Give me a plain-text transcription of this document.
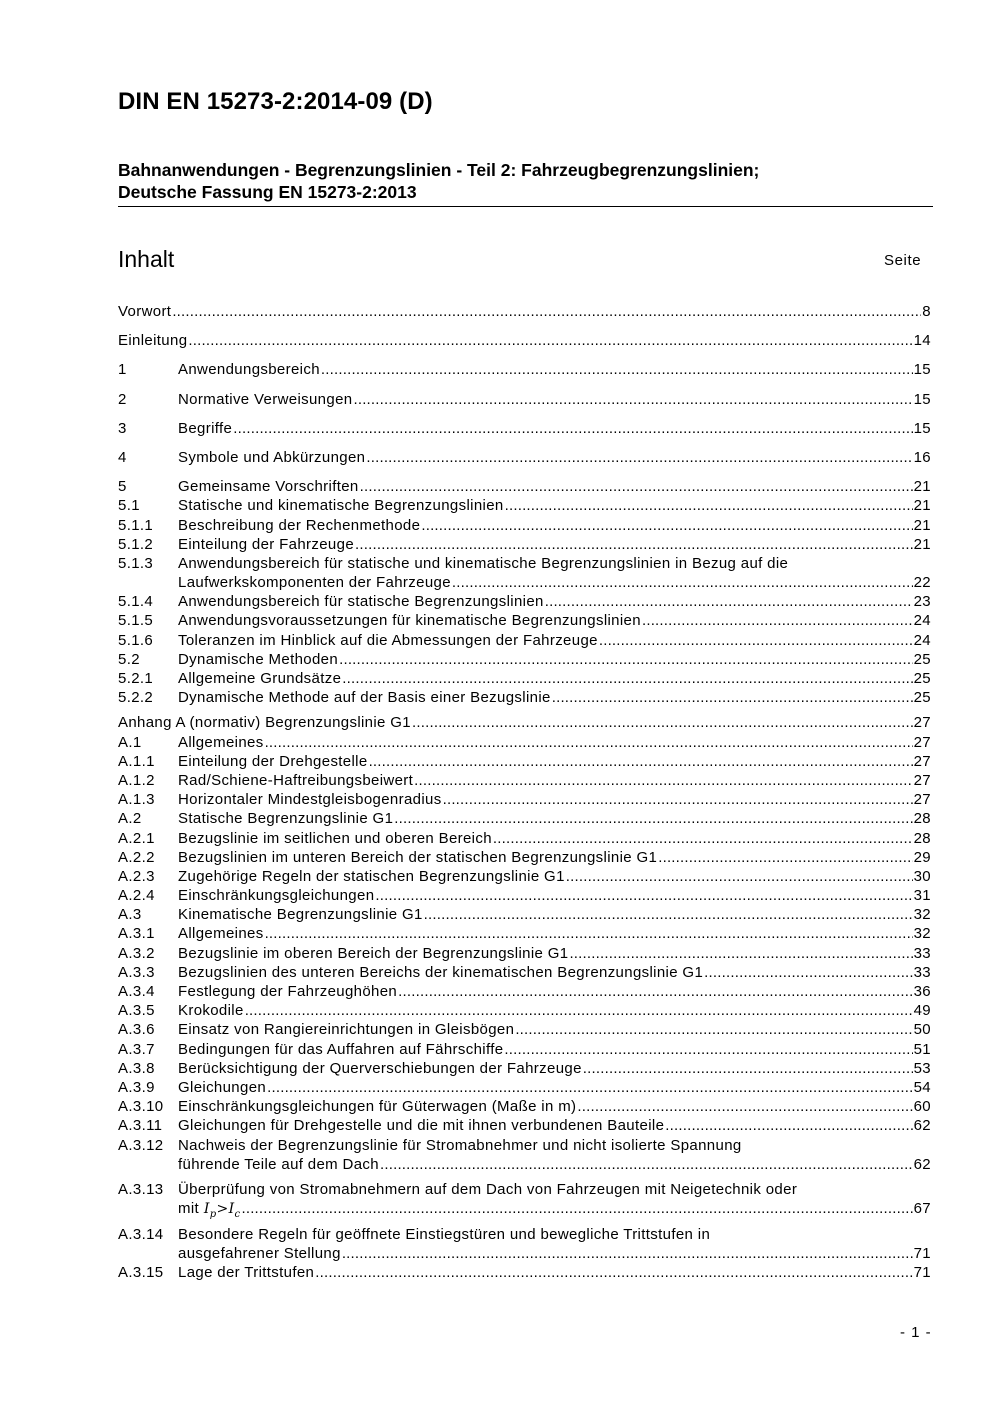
DIN EN 15273-2:2014-09 (D)
Bahnanwendungen - Begrenzungslinien - Teil 2: Fahrzeugbegrenzungslinien;
Deutsche Fassung EN 15273-2:2013
Inhalt	Seite
Vorwort .....	8
Einleitung .....	14
1	Anwendungsbereich .....	15
2	Normative Verweisungen .....	15
3	Begriffe .....	15
4	Symbole und Abkürzungen .....	16
5	Gemeinsame Vorschriften .....	21
5.1	Statische und kinematische Begrenzungslinien .....	21
5.1.1	Beschreibung der Rechenmethode .....	21
5.1.2	Einteilung der Fahrzeuge .....	21
5.1.3	Anwendungsbereich für statische und kinematische Begrenzungslinien in Bezug auf die
Laufwerkskomponenten der Fahrzeuge .....	22
5.1.4	Anwendungsbereich für statische Begrenzungslinien .....	23
5.1.5	Anwendungsvoraussetzungen für kinematische Begrenzungslinien .....	24
5.1.6	Toleranzen im Hinblick auf die Abmessungen der Fahrzeuge .....	24
5.2	Dynamische Methoden .....	25
5.2.1	Allgemeine Grundsätze .....	25
5.2.2	Dynamische Methode auf der Basis einer Bezugslinie .....	25
Anhang A (normativ) Begrenzungslinie G1 .....	27
A.1	Allgemeines .....	27
A.1.1	Einteilung der Drehgestelle .....	27
A.1.2	Rad/Schiene-Haftreibungsbeiwert .....	27
A.1.3	Horizontaler Mindestgleisbogenradius .....	27
A.2	Statische Begrenzungslinie G1 .....	28
A.2.1	Bezugslinie im seitlichen und oberen Bereich .....	28
A.2.2	Bezugslinien im unteren Bereich der statischen Begrenzungslinie G1 .....	29
A.2.3	Zugehörige Regeln der statischen Begrenzungslinie G1 .....	30
A.2.4	Einschränkungsgleichungen .....	31
A.3	Kinematische Begrenzungslinie G1 .....	32
A.3.1	Allgemeines .....	32
A.3.2	Bezugslinie im oberen Bereich der Begrenzungslinie G1 .....	33
A.3.3	Bezugslinien des unteren Bereichs der kinematischen Begrenzungslinie G1 .....	33
A.3.4	Festlegung der Fahrzeughöhen .....	36
A.3.5	Krokodile .....	49
A.3.6	Einsatz von Rangiereinrichtungen in Gleisbögen .....	50
A.3.7	Bedingungen für das Auffahren auf Fährschiffe .....	51
A.3.8	Berücksichtigung der Querverschiebungen der Fahrzeuge .....	53
A.3.9	Gleichungen .....	54
A.3.10 Einschränkungsgleichungen für Güterwagen (Maße in m) .....	60
A.3.11	Gleichungen für Drehgestelle und die mit ihnen verbundenen Bauteile .....	62
A.3.12 Nachweis der Begrenzungslinie für Stromabnehmer und nicht isolierte Spannung
führende Teile auf dem Dach .....	62
A.3.13 Überprüfung von Stromabnehmern auf dem Dach von Fahrzeugen mit Neigetechnik oder
mit $I_p>I_c$ .....	67
A.3.14 Besondere Regeln für geöffnete Einstiegstüren und bewegliche Trittstufen in
ausgefahrener Stellung .....	71
A.3.15 Lage der Trittstufen .....	71
- 1 -
